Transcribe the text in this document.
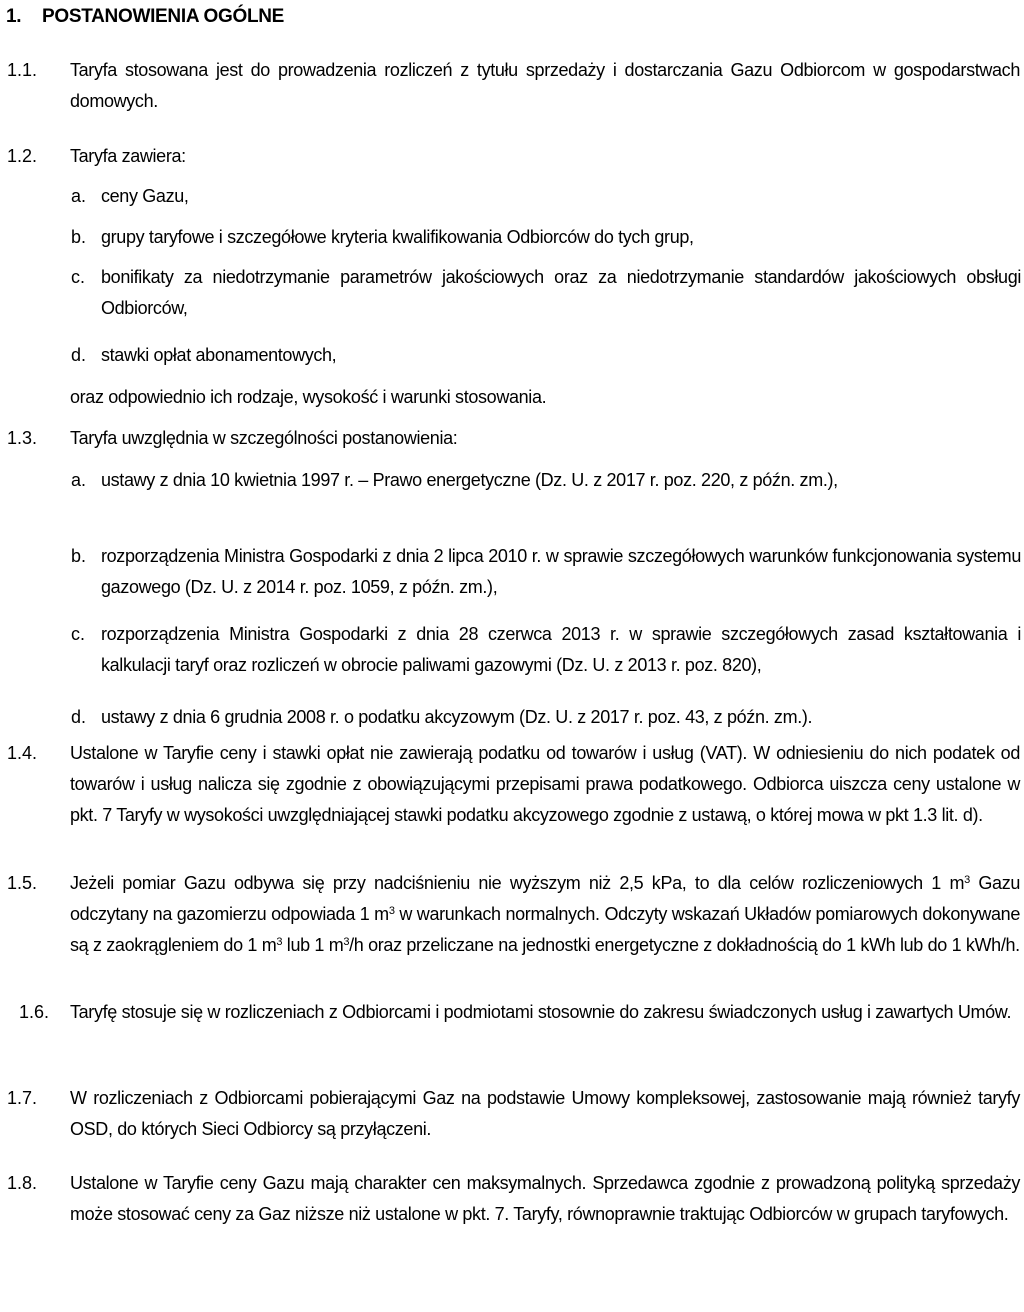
1. POSTANOWIENIA OGÓLNE
1.1. Taryfa stosowana jest do prowadzenia rozliczeń z tytułu sprzedaży i dostarczania Gazu Odbiorcom w gospodarstwach domowych.
1.2. Taryfa zawiera:
a. ceny Gazu,
b. grupy taryfowe i szczegółowe kryteria kwalifikowania Odbiorców do tych grup,
c. bonifikaty za niedotrzymanie parametrów jakościowych oraz za niedotrzymanie standardów jakościowych obsługi Odbiorców,
d. stawki opłat abonamentowych,
oraz odpowiednio ich rodzaje, wysokość i warunki stosowania.
1.3. Taryfa uwzględnia w szczególności postanowienia:
a. ustawy z dnia 10 kwietnia 1997 r. – Prawo energetyczne (Dz. U. z 2017 r. poz. 220, z późn. zm.),
b. rozporządzenia Ministra Gospodarki z dnia 2 lipca 2010 r. w sprawie szczegółowych warunków funkcjonowania systemu gazowego (Dz. U. z 2014 r. poz. 1059, z późn. zm.),
c. rozporządzenia Ministra Gospodarki z dnia 28 czerwca 2013 r. w sprawie szczegółowych zasad kształtowania i kalkulacji taryf oraz rozliczeń w obrocie paliwami gazowymi (Dz. U. z 2013 r. poz. 820),
d. ustawy z dnia 6 grudnia 2008 r. o podatku akcyzowym (Dz. U. z 2017 r. poz. 43, z późn. zm.).
1.4. Ustalone w Taryfie ceny i stawki opłat nie zawierają podatku od towarów i usług (VAT). W odniesieniu do nich podatek od towarów i usług nalicza się zgodnie z obowiązującymi przepisami prawa podatkowego. Odbiorca uiszcza ceny ustalone w pkt. 7 Taryfy w wysokości uwzględniającej stawki podatku akcyzowego zgodnie z ustawą, o której mowa w pkt 1.3 lit. d).
1.5. Jeżeli pomiar Gazu odbywa się przy nadciśnieniu nie wyższym niż 2,5 kPa, to dla celów rozliczeniowych 1 $m^3$ Gazu odczytany na gazomierzu odpowiada 1 $m^3$ w warunkach normalnych. Odczyty wskazań Układów pomiarowych dokonywane są z zaokrągleniem do 1 $m^3$ lub 1 $m^3/h$ oraz przeliczane na jednostki energetyczne z dokładnością do 1 kWh lub do 1 kWh/h.
1.6. Taryfę stosuje się w rozliczeniach z Odbiorcami i podmiotami stosownie do zakresu świadczonych usług i zawartych Umów.
1.7. W rozliczeniach z Odbiorcami pobierającymi Gaz na podstawie Umowy kompleksowej, zastosowanie mają również taryfy OSD, do których Sieci Odbiorcy są przyłączeni.
1.8. Ustalone w Taryfie ceny Gazu mają charakter cen maksymalnych. Sprzedawca zgodnie z prowadzoną polityką sprzedaży może stosować ceny za Gaz niższe niż ustalone w pkt. 7. Taryfy, równoprawnie traktując Odbiorców w grupach taryfowych.
